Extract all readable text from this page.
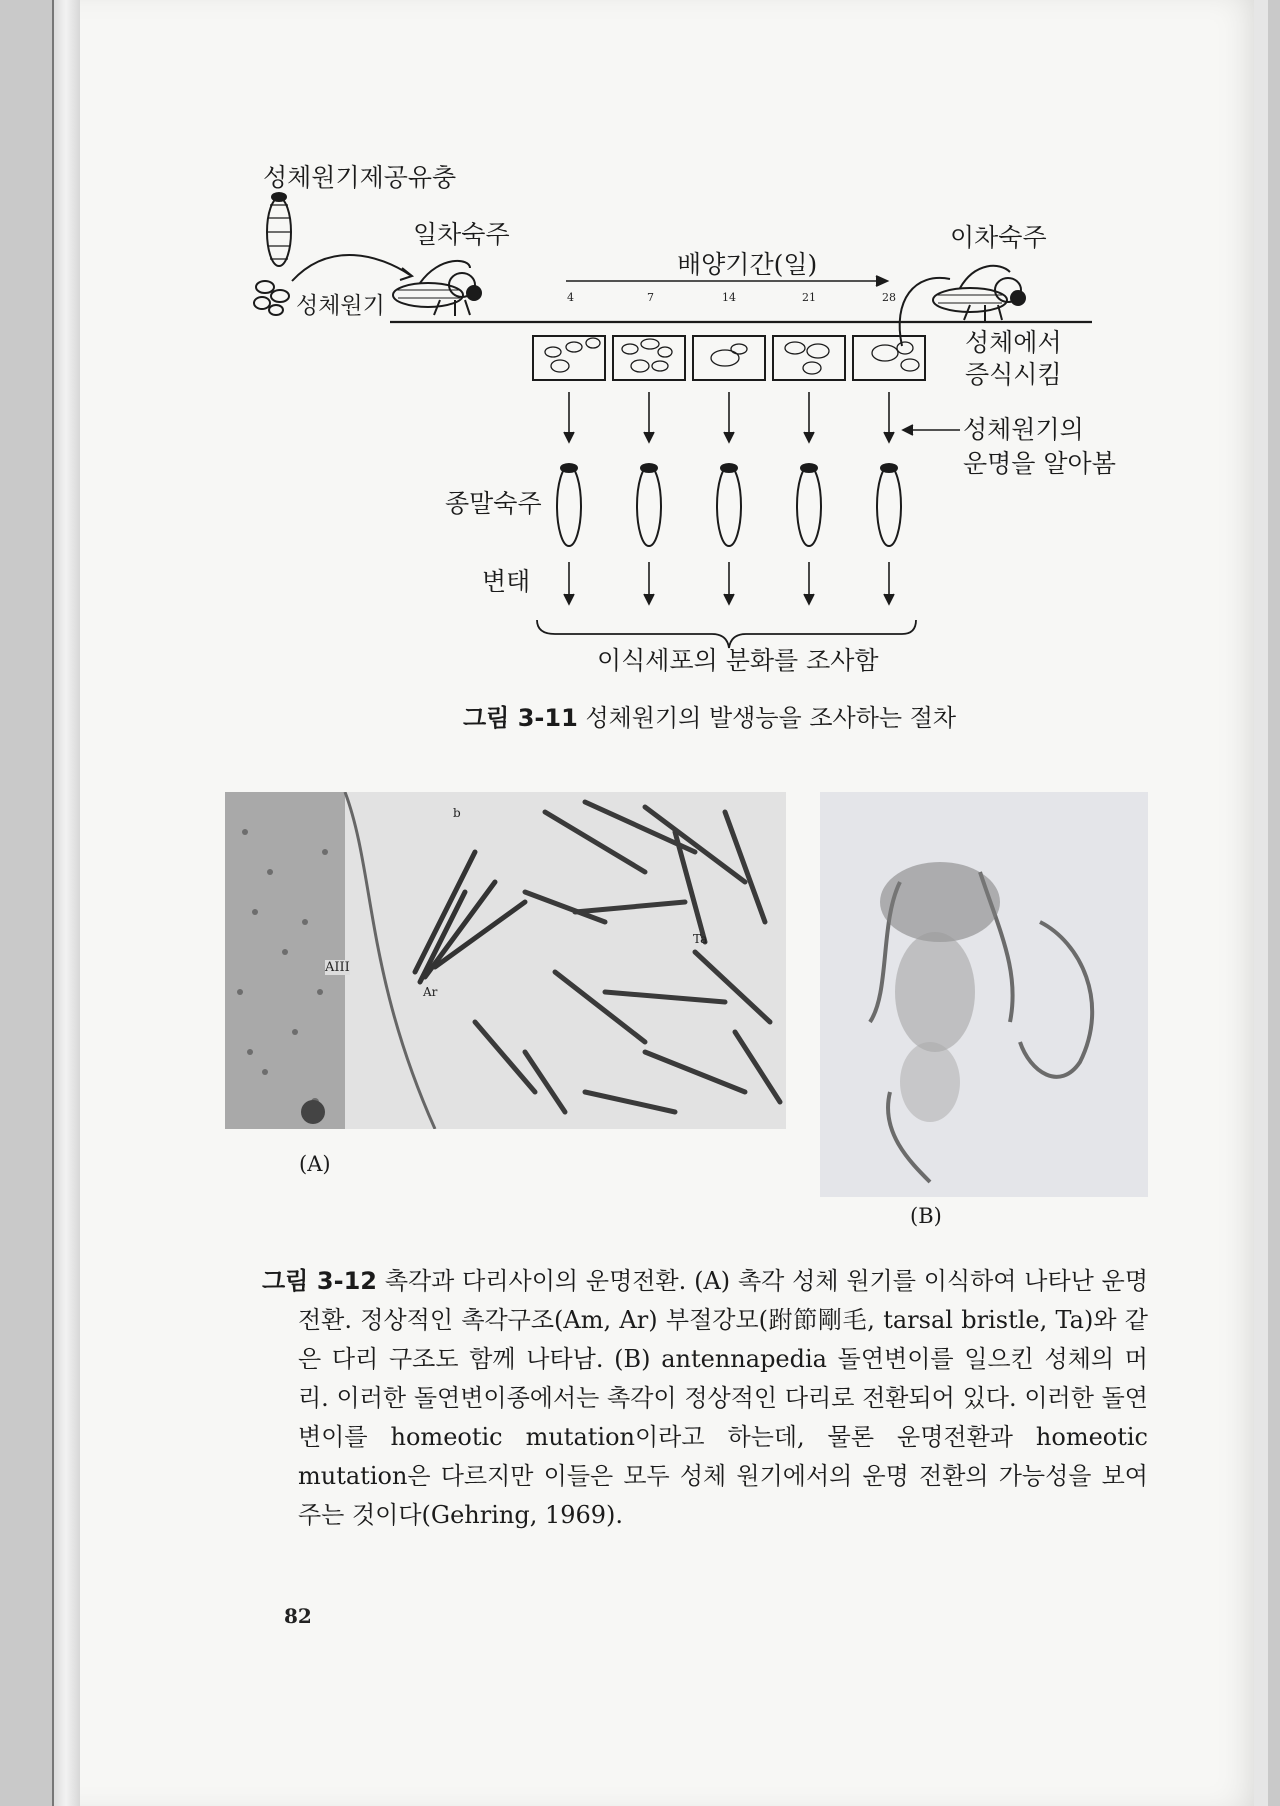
성체원기제공유충
일차숙주
성체원기
배양기간(일)
이차숙주
4	7	14	21	28
성체에서
증식시킴
성체원기의
운명을 알아봄
종말숙주
변태
이식세포의 분화를 조사함
그림 3-11 성체원기의 발생능을 조사하는 절차
b
AIII
Ar
Ta
(A)
(B)
그림 3-12 촉각과 다리사이의 운명전환. (A) 촉각 성체 원기를 이식하여 나타난 운명전환. 정상적인 촉각구조(Am, Ar) 부절강모(跗節剛毛, tarsal bristle, Ta)와 같은 다리 구조도 함께 나타남. (B) antennapedia 돌연변이를 일으킨 성체의 머리. 이러한 돌연변이종에서는 촉각이 정상적인 다리로 전환되어 있다. 이러한 돌연변이를 homeotic mutation이라고 하는데, 물론 운명전환과 homeotic mutation은 다르지만 이들은 모두 성체 원기에서의 운명 전환의 가능성을 보여주는 것이다(Gehring, 1969).
82
